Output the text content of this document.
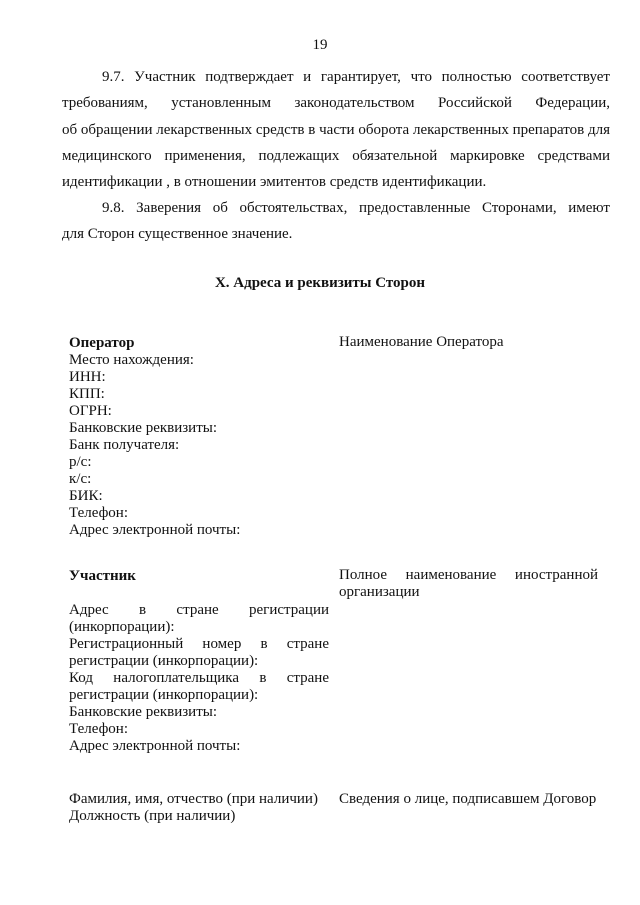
19
9.7. Участник подтверждает и гарантирует, что полностью соответствует
требованиям, установленным законодательством Российской Федерации,
об обращении лекарственных средств в части оборота лекарственных препаратов для
медицинского применения, подлежащих обязательной маркировке средствами
идентификации , в отношении эмитентов средств идентификации.
9.8. Заверения об обстоятельствах, предоставленные Сторонами, имеют
для Сторон существенное значение.
X. Адреса и реквизиты Сторон
Оператор
Место нахождения:
ИНН:
КПП:
ОГРН:
Банковские реквизиты:
Банк получателя:
р/с:
к/с:
БИК:
Телефон:
Адрес электронной почты:
Наименование Оператора
Участник
Адрес в стране регистрации
(инкорпорации):
Регистрационный номер в стране
регистрации (инкорпорации):
Код налогоплательщика в стране
регистрации (инкорпорации):
Банковские реквизиты:
Телефон:
Адрес электронной почты:
Полное наименование иностранной
организации
Фамилия, имя, отчество (при наличии)
Должность (при наличии)
Сведения о лице, подписавшем Договор
